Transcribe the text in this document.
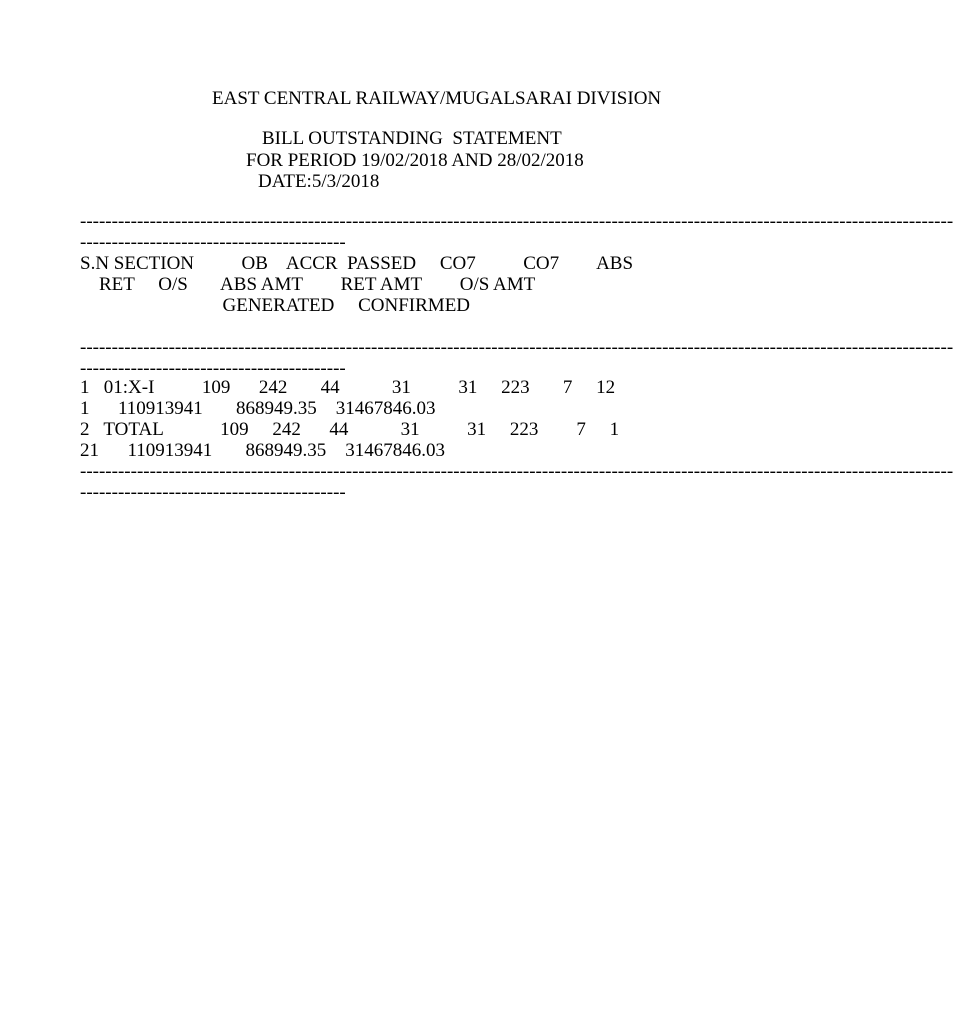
EAST CENTRAL RAILWAY/MUGALSARAI DIVISION
BILL OUTSTANDING  STATEMENT
FOR PERIOD 19/02/2018 AND 28/02/2018
DATE:5/3/2018
------------------------------------------------------------------------------------------------------------------------------------------
------------------------------------------
S.N SECTION          OB    ACCR  PASSED     CO7          CO7        ABS
RET     O/S       ABS AMT        RET AMT        O/S AMT
GENERATED     CONFIRMED
------------------------------------------------------------------------------------------------------------------------------------------
------------------------------------------
1   01:X-I          109      242       44           31          31     223       7     12
1      110913941       868949.35    31467846.03
2   TOTAL            109     242      44           31          31     223        7     1
21      110913941       868949.35    31467846.03
------------------------------------------------------------------------------------------------------------------------------------------
------------------------------------------
